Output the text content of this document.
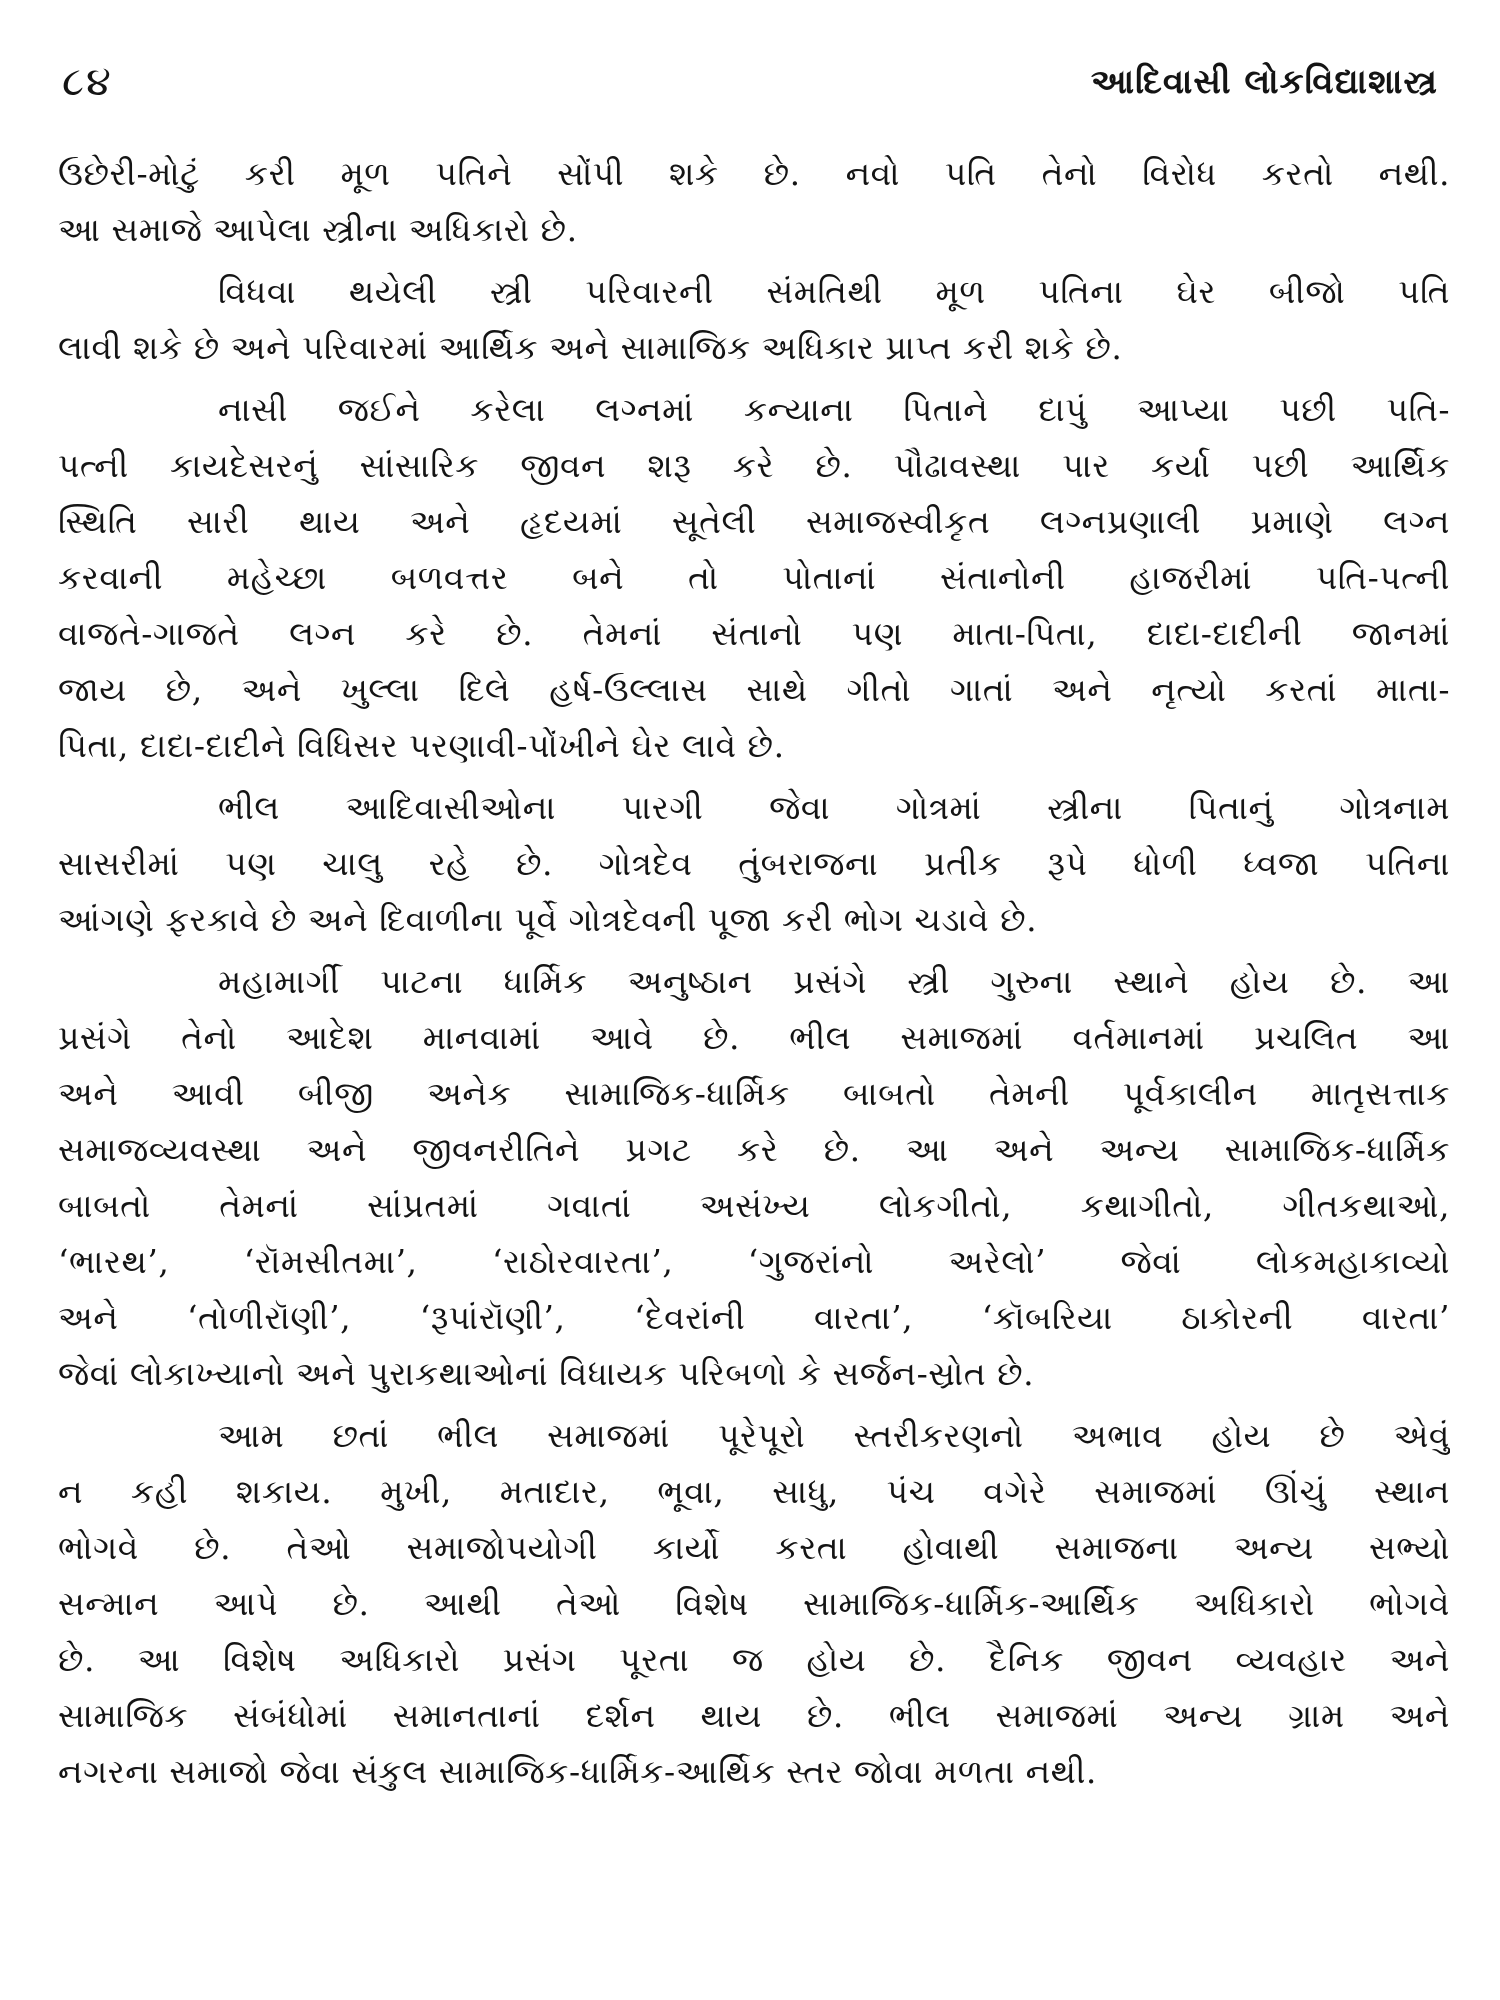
૮૪	આદિવાસી લોકવિદ્યાશાસ્ત્ર
ઉછેરી-મોટું કરી મૂળ પતિને સોંપી શકે છે. નવો પતિ તેનો વિરોધ કરતો નથી.
આ સમાજે આપેલા સ્ત્રીના અધિકારો છે.
વિધવા થયેલી સ્ત્રી પરિવારની સંમતિથી મૂળ પતિના ઘેર બીજો પતિ
લાવી શકે છે અને પરિવારમાં આર્થિક અને સામાજિક અધિકાર પ્રાપ્ત કરી શકે છે.
નાસી જઈને કરેલા લગ્નમાં કન્યાના પિતાને દાપું આપ્યા પછી પતિ-
પત્ની કાયદેસરનું સાંસારિક જીવન શરૂ કરે છે. પૌઢાવસ્થા પાર કર્યા પછી આર્થિક
સ્થિતિ સારી થાય અને હૃદયમાં સૂતેલી સમાજસ્વીકૃત લગ્નપ્રણાલી પ્રમાણે લગ્ન
કરવાની મહેચ્છા બળવત્તર બને તો પોતાનાં સંતાનોની હાજરીમાં પતિ-પત્ની
વાજતે-ગાજતે લગ્ન કરે છે. તેમનાં સંતાનો પણ માતા-પિતા, દાદા-દાદીની જાનમાં
જાય છે, અને ખુલ્લા દિલે હર્ષ-ઉલ્લાસ સાથે ગીતો ગાતાં અને નૃત્યો કરતાં માતા-
પિતા, દાદા-દાદીને વિધિસર પરણાવી-પોંખીને ઘેર લાવે છે.
ભીલ આદિવાસીઓના પારગી જેવા ગોત્રમાં સ્ત્રીના પિતાનું ગોત્રનામ
સાસરીમાં પણ ચાલુ રહે છે. ગોત્રદેવ તુંબરાજના પ્રતીક રૂપે ધોળી ધ્વજા પતિના
આંગણે ફરકાવે છે અને દિવાળીના પૂર્વે ગોત્રદેવની પૂજા કરી ભોગ ચડાવે છે.
મહામાર્ગી પાટના ધાર્મિક અનુષ્ઠાન પ્રસંગે સ્ત્રી ગુરુના સ્થાને હોય છે. આ
પ્રસંગે તેનો આદેશ માનવામાં આવે છે. ભીલ સમાજમાં વર્તમાનમાં પ્રચલિત આ
અને આવી બીજી અનેક સામાજિક-ધાર્મિક બાબતો તેમની પૂર્વકાલીન માતૃસત્તાક
સમાજવ્યવસ્થા અને જીવનરીતિને પ્રગટ કરે છે. આ અને અન્ય સામાજિક-ધાર્મિક
બાબતો તેમનાં સાંપ્રતમાં ગવાતાં અસંખ્ય લોકગીતો, કથાગીતો, ગીતકથાઓ,
‘ભારથ’, ‘રૉમસીતમા’, ‘રાઠોરવારતા’, ‘ગુજરાંનો અરેલો’ જેવાં લોકમહાકાવ્યો
અને ‘તોળીરૉણી’, ‘રૂપાંરૉણી’, ‘દેવરાંની વારતા’, ‘કૉબરિયા ઠાકોરની વારતા’
જેવાં લોકાખ્યાનો અને પુરાકથાઓનાં વિધાયક પરિબળો કે સર્જન-સ્રોત છે.
આમ છતાં ભીલ સમાજમાં પૂરેપૂરો સ્તરીકરણનો અભાવ હોય છે એવું
ન કહી શકાય. મુખી, મતાદાર, ભૂવા, સાધુ, પંચ વગેરે સમાજમાં ઊંચું સ્થાન
ભોગવે છે. તેઓ સમાજોપયોગી કાર્યો કરતા હોવાથી સમાજના અન્ય સભ્યો
સન્માન આપે છે. આથી તેઓ વિશેષ સામાજિક-ધાર્મિક-આર્થિક અધિકારો ભોગવે
છે. આ વિશેષ અધિકારો પ્રસંગ પૂરતા જ હોય છે. દૈનિક જીવન વ્યવહાર અને
સામાજિક સંબંધોમાં સમાનતાનાં દર્શન થાય છે. ભીલ સમાજમાં અન્ય ગ્રામ અને
નગરના સમાજો જેવા સંકુલ સામાજિક-ધાર્મિક-આર્થિક સ્તર જોવા મળતા નથી.
